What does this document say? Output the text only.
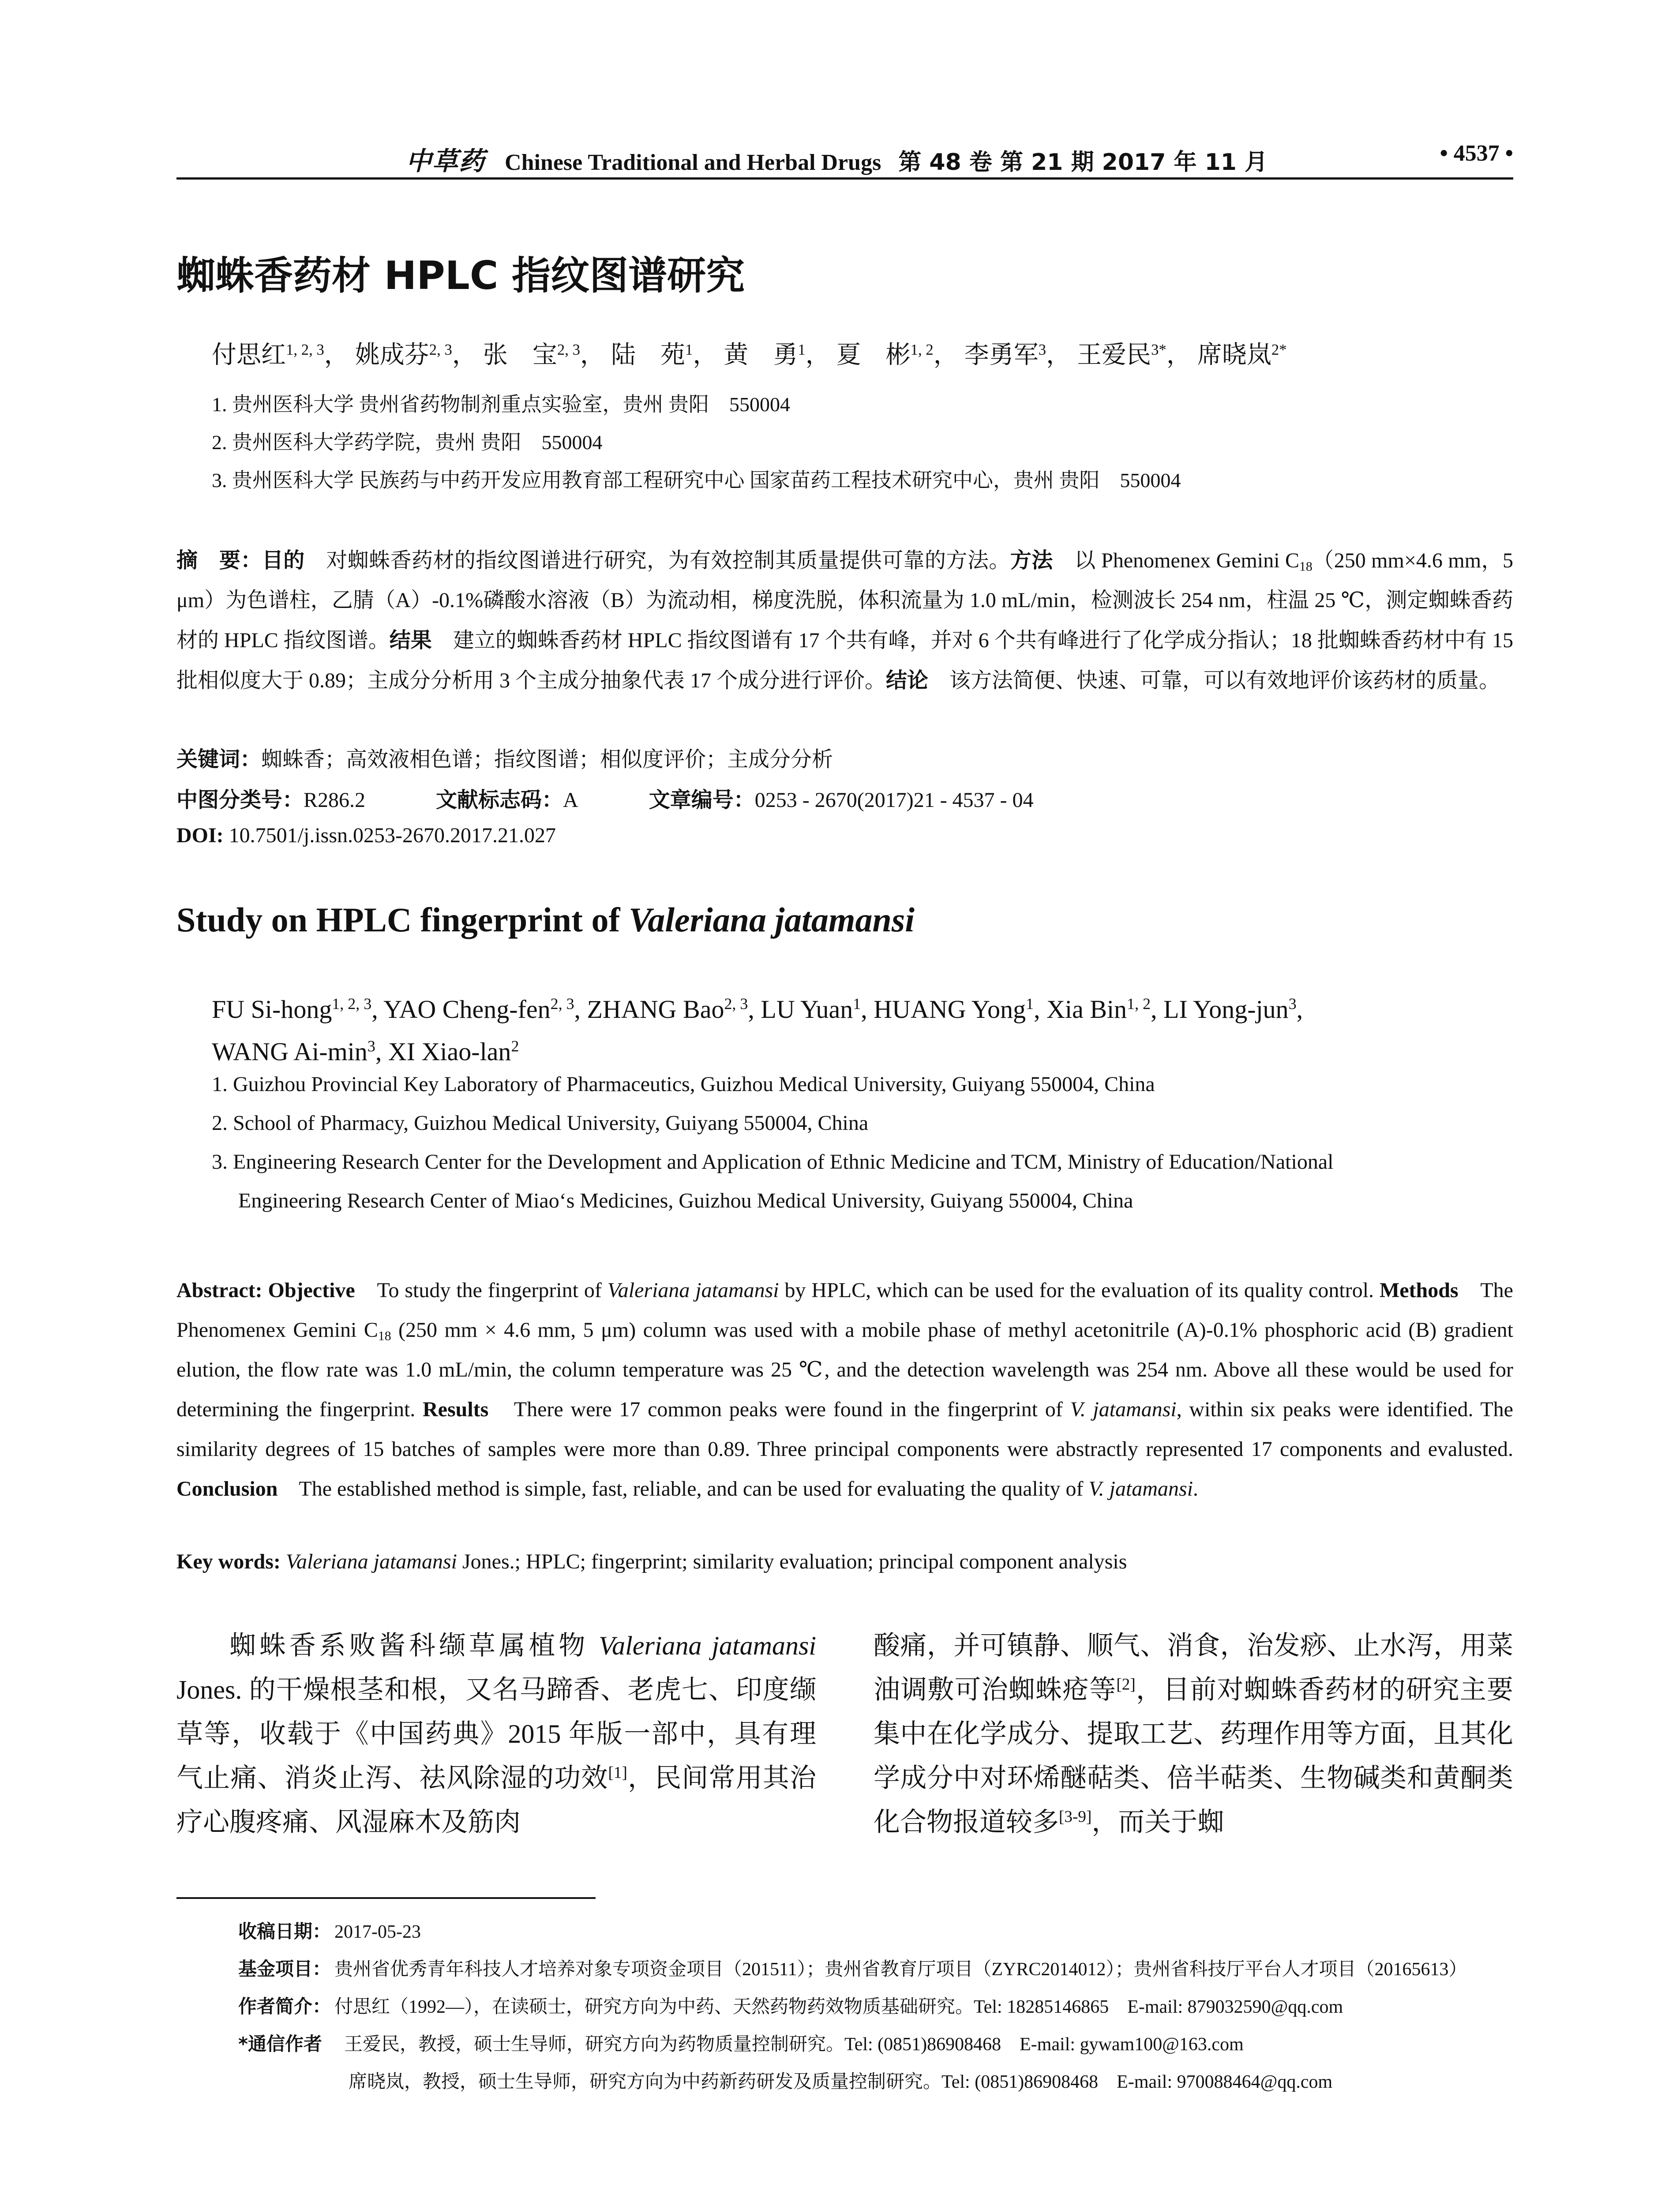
中草药 Chinese Traditional and Herbal Drugs 第 48 卷 第 21 期 2017 年 11 月	• 4537 •
蜘蛛香药材 HPLC 指纹图谱研究
付思红$^{1, 2, 3}$， 姚成芬$^{2, 3}$， 张　宝$^{2, 3}$， 陆　苑$^1$， 黄　勇$^1$， 夏　彬$^{1, 2}$， 李勇军$^3$， 王爱民$^{3*}$， 席晓岚$^{2*}$
1. 贵州医科大学 贵州省药物制剂重点实验室，贵州 贵阳　550004
2. 贵州医科大学药学院，贵州 贵阳　550004
3. 贵州医科大学 民族药与中药开发应用教育部工程研究中心 国家苗药工程技术研究中心，贵州 贵阳　550004
摘　要：目的　对蜘蛛香药材的指纹图谱进行研究，为有效控制其质量提供可靠的方法。方法　以 Phenomenex Gemini $C_{18}(250$ mm×4.6 mm，5 μm）为色谱柱，乙腈（A）-0.1%磷酸水溶液（B）为流动相，梯度洗脱，体积流量为 1.0 mL/min，检测波长 254 nm，柱温 25 ℃，测定蜘蛛香药材的 HPLC 指纹图谱。结果　建立的蜘蛛香药材 HPLC 指纹图谱有 17 个共有峰，并对 6 个共有峰进行了化学成分指认；18 批蜘蛛香药材中有 15 批相似度大于 0.89；主成分分析用 3 个主成分抽象代表 17 个成分进行评价。结论　该方法简便、快速、可靠，可以有效地评价该药材的质量。
关键词：蜘蛛香；高效液相色谱；指纹图谱；相似度评价；主成分分析
中图分类号：R286.2	文献标志码：A	文章编号：0253 - 2670(2017)21 - 4537 - 04
DOI: 10.7501/j.issn.0253-2670.2017.21.027
Study on HPLC fingerprint of Valeriana jatamansi
FU Si-hong$^{1, 2, 3}$, YAO Cheng-fen$^{2, 3}$, ZHANG Bao$^{2, 3}$, LU Yuan$^1$, HUANG Yong$^1$, Xia Bin$^{1, 2}$, LI Yong-jun$^3$,
WANG $Ai-\min^3$, XI Xiao-lan$^2$
1. Guizhou Provincial Key Laboratory of Pharmaceutics, Guizhou Medical University, Guiyang 550004, China
2. School of Pharmacy, Guizhou Medical University, Guiyang 550004, China
3. Engineering Research Center for the Development and Application of Ethnic Medicine and TCM, Ministry of Education/National
Engineering Research Center of Miao‘s Medicines, Guizhou Medical University, Guiyang 550004, China
Abstract: Objective　To study the fingerprint of Valeriana jatamansi by HPLC, which can be used for the evaluation of its quality control. Methods　The Phenomenex Gemini $C_{18}$ (250 mm × 4.6 mm, 5 μm) column was used with a mobile phase of methyl acetonitrile (A)-0.1% phosphoric acid (B) gradient elution, the flow rate was 1.0 mL/min, the column temperature was 25 ℃, and the detection wavelength was 254 nm. Above all these would be used for determining the fingerprint. Results　There were 17 common peaks were found in the fingerprint of V. jatamansi, within six peaks were identified. The similarity degrees of 15 batches of samples were more than 0.89. Three principal components were abstractly represented 17 components and evalusted. Conclusion　The established method is simple, fast, reliable, and can be used for evaluating the quality of V. jatamansi.
Key words: Valeriana jatamansi Jones.; HPLC; fingerprint; similarity evaluation; principal component analysis
蜘蛛香系败酱科缬草属植物 Valeriana jatamansi Jones. 的干燥根茎和根，又名马蹄香、老虎七、印度缬草等，收载于《中国药典》2015 年版一部中，具有理气止痛、消炎止泻、祛风除湿的功效[1]，民间常用其治疗心腹疼痛、风湿麻木及筋肉
酸痛，并可镇静、顺气、消食，治发痧、止水泻，用菜油调敷可治蜘蛛疮等[2]，目前对蜘蛛香药材的研究主要集中在化学成分、提取工艺、药理作用等方面，且其化学成分中对环烯醚萜类、倍半萜类、生物碱类和黄酮类化合物报道较多[3-9]，而关于蜘
收稿日期： 2017-05-23
基金项目： 贵州省优秀青年科技人才培养对象专项资金项目（201511）；贵州省教育厅项目（ZYRC2014012）；贵州省科技厅平台人才项目（20165613）
作者简介： 付思红（1992—），在读硕士，研究方向为中药、天然药物药效物质基础研究。Tel: 18285146865　E-mail: 879032590@qq.com
*通信作者　王爱民，教授，硕士生导师，研究方向为药物质量控制研究。Tel: (0851)86908468　E-mail: gywam100@163.com
席晓岚，教授，硕士生导师，研究方向为中药新药研发及质量控制研究。Tel: (0851)86908468　E-mail: 970088464@qq.com
